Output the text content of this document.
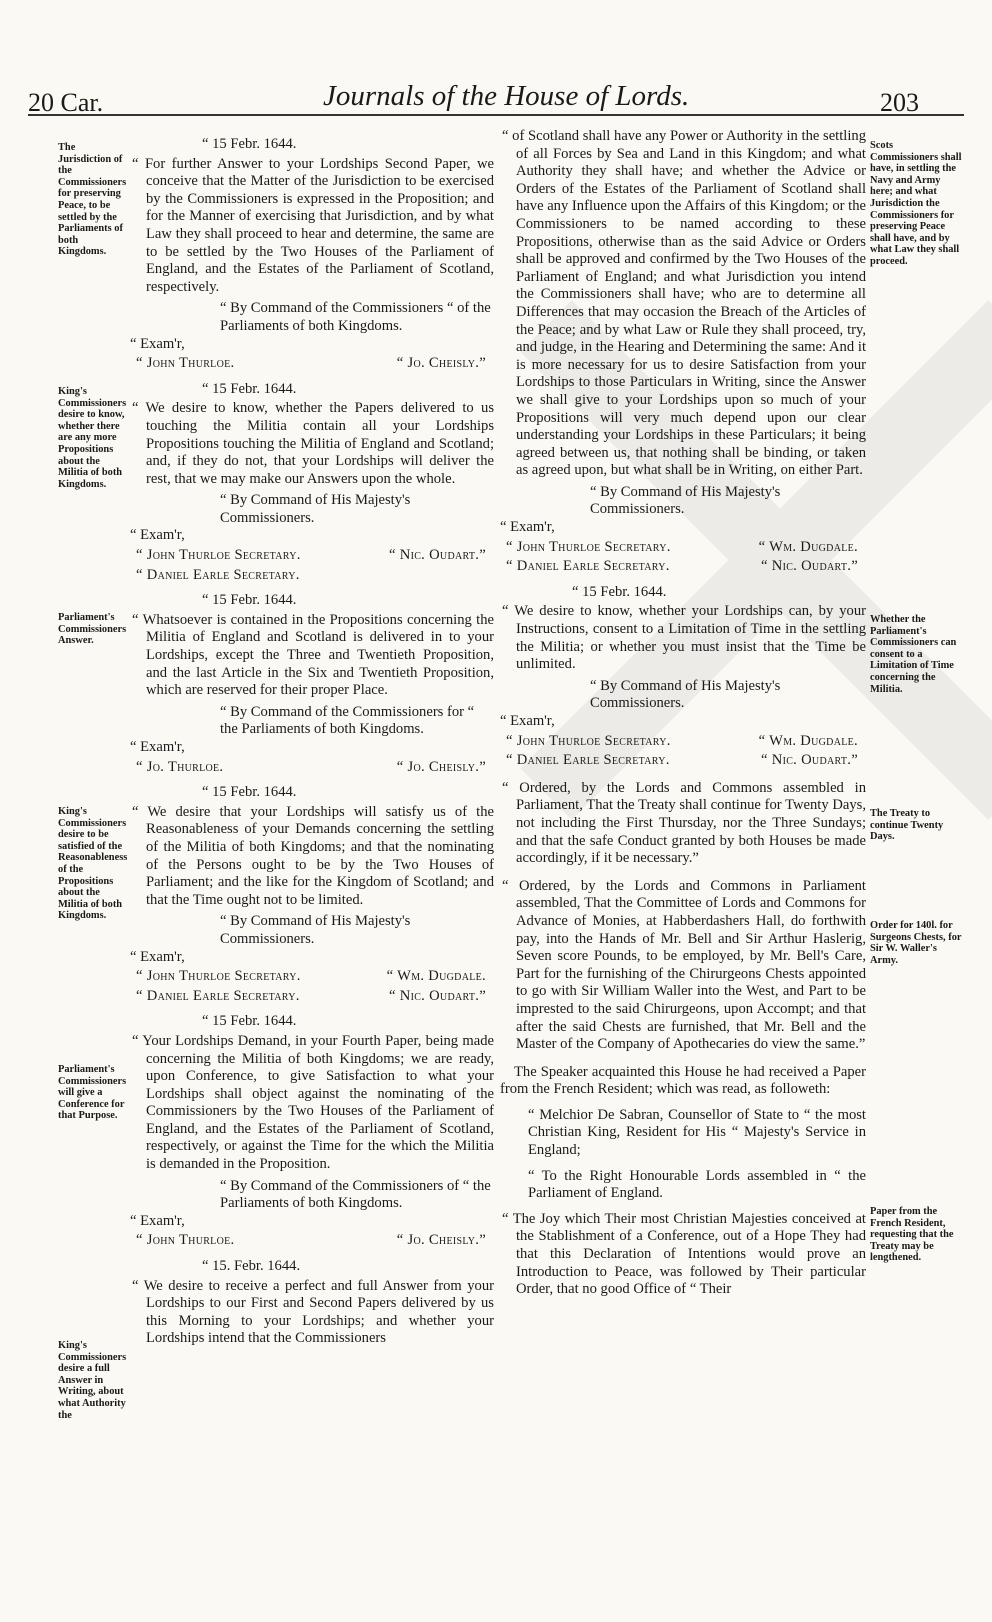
20 Car.	Journals of the House of Lords.	203
The Jurisdiction of the Commissioners for preserving Peace, to be settled by the Parliaments of both Kingdoms.
King's Commissioners desire to know, whether there are any more Propositions about the Militia of both Kingdoms.
Parliament's Commissioners Answer.
King's Commissioners desire to be satisfied of the Reasonableness of the Propositions about the Militia of both Kingdoms.
Parliament's Commissioners will give a Conference for that Purpose.
King's Commissioners desire a full Answer in Writing, about what Authority the
Scots Commissioners shall have, in settling the Navy and Army here; and what Jurisdiction the Commissioners for preserving Peace shall have, and by what Law they shall proceed.
Whether the Parliament's Commissioners can consent to a Limitation of Time concerning the Militia.
The Treaty to continue Twenty Days.
Order for 140l. for Surgeons Chests, for Sir W. Waller's Army.
Paper from the French Resident, requesting that the Treaty may be lengthened.
“ 15 Febr. 1644.
“ For further Answer to your Lordships Second Paper, we conceive that the Matter of the Jurisdiction to be exercised by the Commissioners is expressed in the Proposition; and for the Manner of exercising that Jurisdiction, and by what Law they shall proceed to hear and determine, the same are to be settled by the Two Houses of the Parliament of England, and the Estates of the Parliament of Scotland, respectively.
“ By Command of the Commissioners “ of the Parliaments of both Kingdoms.
“ Exam'r,
“ John Thurloe.	“ Jo. Cheisly.”
“ 15 Febr. 1644.
“ We desire to know, whether the Papers delivered to us touching the Militia contain all your Lordships Propositions touching the Militia of England and Scotland; and, if they do not, that your Lordships will deliver the rest, that we may make our Answers upon the whole.
“ By Command of His Majesty's Commissioners.
“ Exam'r,
“ John Thurloe Secretary.	“ Nic. Oudart.”
“ Daniel Earle Secretary.
“ 15 Febr. 1644.
“ Whatsoever is contained in the Propositions concerning the Militia of England and Scotland is delivered in to your Lordships, except the Three and Twentieth Proposition, and the last Article in the Six and Twentieth Proposition, which are reserved for their proper Place.
“ By Command of the Commissioners for “ the Parliaments of both Kingdoms.
“ Exam'r,
“ Jo. Thurloe.	“ Jo. Cheisly.”
“ 15 Febr. 1644.
“ We desire that your Lordships will satisfy us of the Reasonableness of your Demands concerning the settling of the Militia of both Kingdoms; and that the nominating of the Persons ought to be by the Two Houses of Parliament; and the like for the Kingdom of Scotland; and that the Time ought not to be limited.
“ By Command of His Majesty's Commissioners.
“ Exam'r,
“ John Thurloe Secretary.	“ Wm. Dugdale.
“ Daniel Earle Secretary.	“ Nic. Oudart.”
“ 15 Febr. 1644.
“ Your Lordships Demand, in your Fourth Paper, being made concerning the Militia of both Kingdoms; we are ready, upon Conference, to give Satisfaction to what your Lordships shall object against the nominating of the Commissioners by the Two Houses of the Parliament of England, and the Estates of the Parliament of Scotland, respectively, or against the Time for the which the Militia is demanded in the Proposition.
“ By Command of the Commissioners of “ the Parliaments of both Kingdoms.
“ Exam'r,
“ John Thurloe.	“ Jo. Cheisly.”
“ 15. Febr. 1644.
“ We desire to receive a perfect and full Answer from your Lordships to our First and Second Papers delivered by us this Morning to your Lordships; and whether your Lordships intend that the Commissioners
“ of Scotland shall have any Power or Authority in the settling of all Forces by Sea and Land in this Kingdom; and what Authority they shall have; and whether the Advice or Orders of the Estates of the Parliament of Scotland shall have any Influence upon the Affairs of this Kingdom; or the Commissioners to be named according to these Propositions, otherwise than as the said Advice or Orders shall be approved and confirmed by the Two Houses of the Parliament of England; and what Jurisdiction you intend the Commissioners shall have; who are to determine all Differences that may occasion the Breach of the Articles of the Peace; and by what Law or Rule they shall proceed, try, and judge, in the Hearing and Determining the same: And it is more necessary for us to desire Satisfaction from your Lordships to those Particulars in Writing, since the Answer we shall give to your Lordships upon so much of your Propositions will very much depend upon our clear understanding your Lordships in these Particulars; it being agreed between us, that nothing shall be binding, or taken as agreed upon, but what shall be in Writing, on either Part.
“ By Command of His Majesty's Commissioners.
“ Exam'r,
“ John Thurloe Secretary.	“ Wm. Dugdale.
“ Daniel Earle Secretary.	“ Nic. Oudart.”
“ 15 Febr. 1644.
“ We desire to know, whether your Lordships can, by your Instructions, consent to a Limitation of Time in the settling the Militia; or whether you must insist that the Time be unlimited.
“ By Command of His Majesty's Commissioners.
“ Exam'r,
“ John Thurloe Secretary.	“ Wm. Dugdale.
“ Daniel Earle Secretary.	“ Nic. Oudart.”
“ Ordered, by the Lords and Commons assembled in Parliament, That the Treaty shall continue for Twenty Days, not including the First Thursday, nor the Three Sundays; and that the safe Conduct granted by both Houses be made accordingly, if it be necessary.”
“ Ordered, by the Lords and Commons in Parliament assembled, That the Committee of Lords and Commons for Advance of Monies, at Habberdashers Hall, do forthwith pay, into the Hands of Mr. Bell and Sir Arthur Haslerig, Seven score Pounds, to be employed, by Mr. Bell's Care, Part for the furnishing of the Chirurgeons Chests appointed to go with Sir William Waller into the West, and Part to be imprested to the said Chirurgeons, upon Accompt; and that after the said Chests are furnished, that Mr. Bell and the Master of the Company of Apothecaries do view the same.”
The Speaker acquainted this House he had received a Paper from the French Resident; which was read, as followeth:
“ Melchior De Sabran, Counsellor of State to “ the most Christian King, Resident for His “ Majesty's Service in England;
“ To the Right Honourable Lords assembled in “ the Parliament of England.
“ The Joy which Their most Christian Majesties conceived at the Stablishment of a Conference, out of a Hope They had that this Declaration of Intentions would prove an Introduction to Peace, was followed by Their particular Order, that no good Office of “ Their
